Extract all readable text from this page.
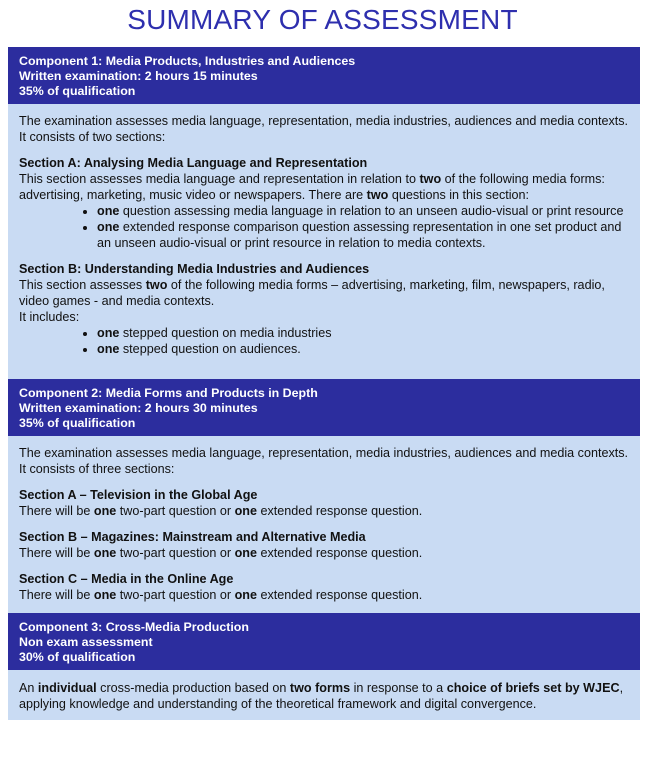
SUMMARY OF ASSESSMENT
Component 1: Media Products, Industries and Audiences
Written examination: 2 hours 15 minutes
35% of qualification

The examination assesses media language, representation, media industries, audiences and media contexts. It consists of two sections:

Section A: Analysing Media Language and Representation

This section assesses media language and representation in relation to two of the following media forms: advertising, marketing, music video or newspapers. There are two questions in this section:

• one question assessing media language in relation to an unseen audio-visual or print resource
• one extended response comparison question assessing representation in one set product and an unseen audio-visual or print resource in relation to media contexts.

Section B: Understanding Media Industries and Audiences

This section assesses two of the following media forms – advertising, marketing, film, newspapers, radio, video games - and media contexts.

It includes:

• one stepped question on media industries
• one stepped question on audiences.
Component 2: Media Forms and Products in Depth
Written examination: 2 hours 30 minutes
35% of qualification

The examination assesses media language, representation, media industries, audiences and media contexts. It consists of three sections:

Section A – Television in the Global Age

There will be one two-part question or one extended response question.

Section B – Magazines: Mainstream and Alternative Media

There will be one two-part question or one extended response question.

Section C – Media in the Online Age

There will be one two-part question or one extended response question.

Component 3: Cross-Media Production
Non exam assessment
30% of qualification

An individual cross-media production based on two forms in response to a choice of briefs set by WJEC, applying knowledge and understanding of the theoretical framework and digital convergence.
